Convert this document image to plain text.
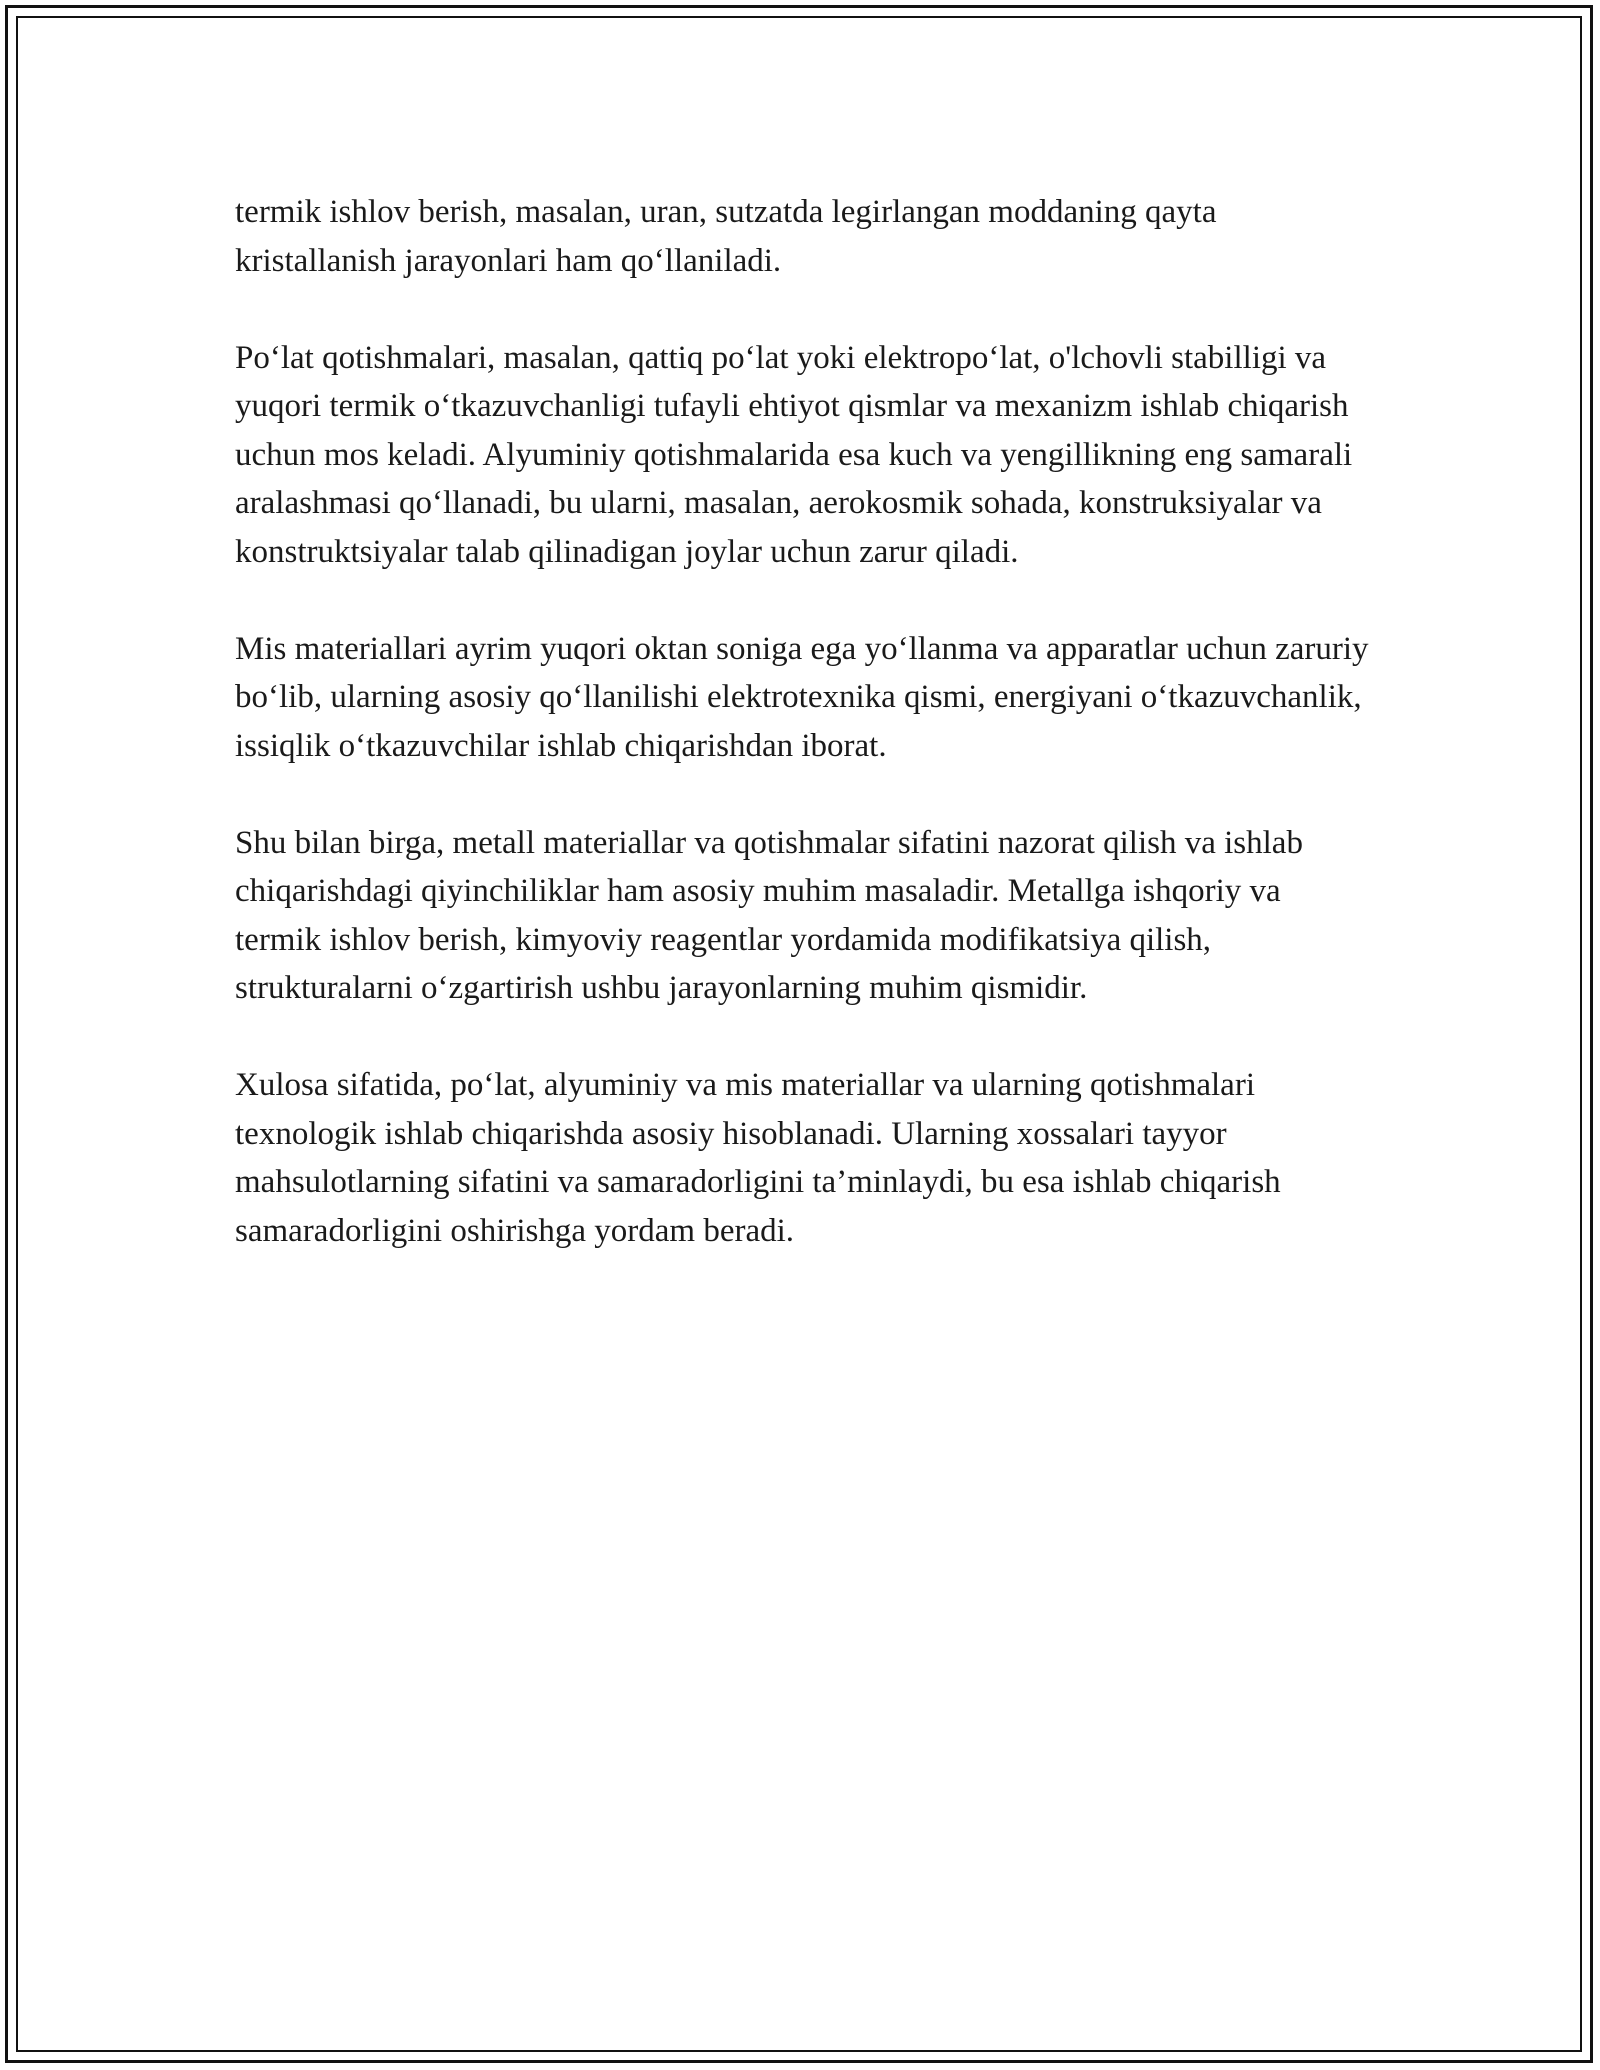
termik ishlov berish, masalan, uran, sutzatda legirlangan moddaning qayta kristallanish jarayonlari ham qo‘llaniladi.

Po‘lat qotishmalari, masalan, qattiq po‘lat yoki elektropo‘lat, o'lchovli stabilligi va yuqori termik o‘tkazuvchanligi tufayli ehtiyot qismlar va mexanizm ishlab chiqarish uchun mos keladi. Alyuminiy qotishmalarida esa kuch va yengillikning eng samarali aralashmasi qo‘llanadi, bu ularni, masalan, aerokosmik sohada, konstruksiyalar va konstruktsiyalar talab qilinadigan joylar uchun zarur qiladi.

Mis materiallari ayrim yuqori oktan soniga ega yo‘llanma va apparatlar uchun zaruriy bo‘lib, ularning asosiy qo‘llanilishi elektrotexnika qismi, energiyani o‘tkazuvchanlik, issiqlik o‘tkazuvchilar ishlab chiqarishdan iborat.

Shu bilan birga, metall materiallar va qotishmalar sifatini nazorat qilish va ishlab chiqarishdagi qiyinchiliklar ham asosiy muhim masaladir. Metallga ishqoriy va termik ishlov berish, kimyoviy reagentlar yordamida modifikatsiya qilish, strukturalarni o‘zgartirish ushbu jarayonlarning muhim qismidir.

Xulosa sifatida, po‘lat, alyuminiy va mis materiallar va ularning qotishmalari texnologik ishlab chiqarishda asosiy hisoblanadi. Ularning xossalari tayyor mahsulotlarning sifatini va samaradorligini ta’minlaydi, bu esa ishlab chiqarish samaradorligini oshirishga yordam beradi.
